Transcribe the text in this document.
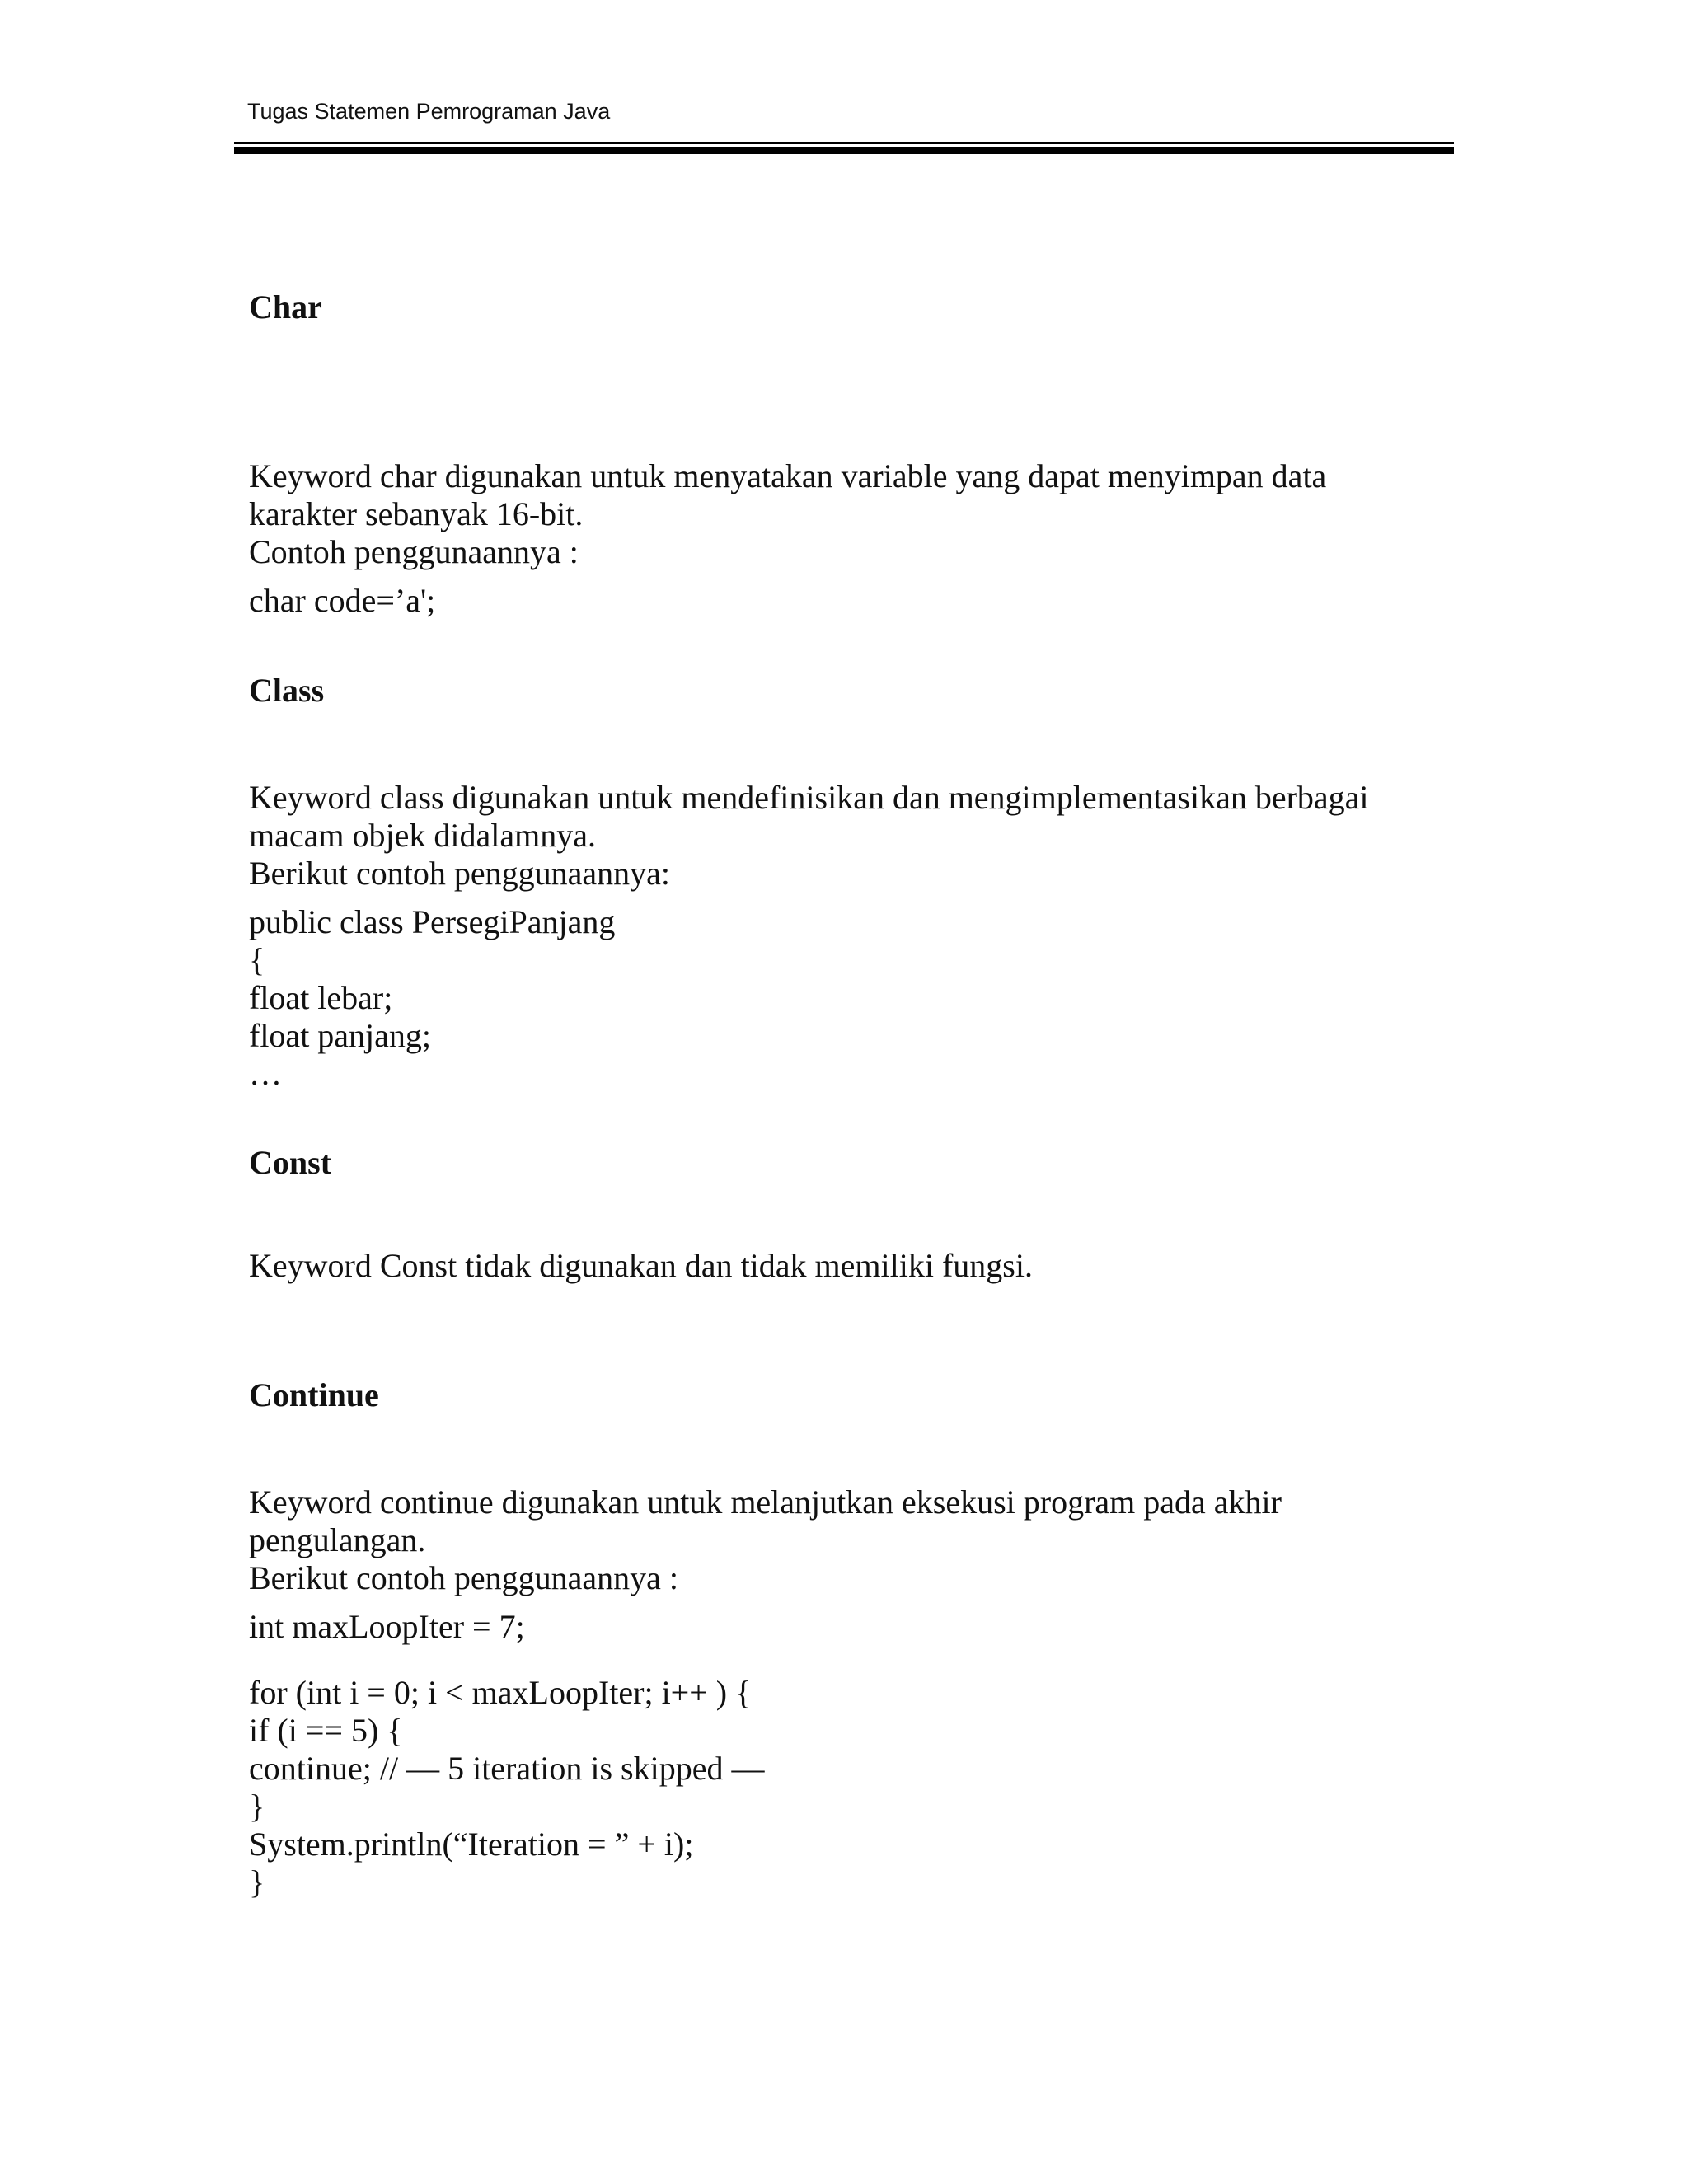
Tugas Statemen Pemrograman Java
Char
Keyword char digunakan untuk menyatakan variable yang dapat menyimpan data
karakter sebanyak 16-bit.
Contoh penggunaannya :
char code=’a';
Class
Keyword class digunakan untuk mendefinisikan dan mengimplementasikan berbagai
macam objek didalamnya.
Berikut contoh penggunaannya:
public class PersegiPanjang
{
float lebar;
float panjang;
…
Const
Keyword Const tidak digunakan dan tidak memiliki fungsi.
Continue
Keyword continue digunakan untuk melanjutkan eksekusi program pada akhir
pengulangan.
Berikut contoh penggunaannya :
int maxLoopIter = 7;
for (int i = 0; i < maxLoopIter; i++ ) {
if (i == 5) {
continue; // — 5 iteration is skipped —
}
System.println(“Iteration = ” + i);
}
